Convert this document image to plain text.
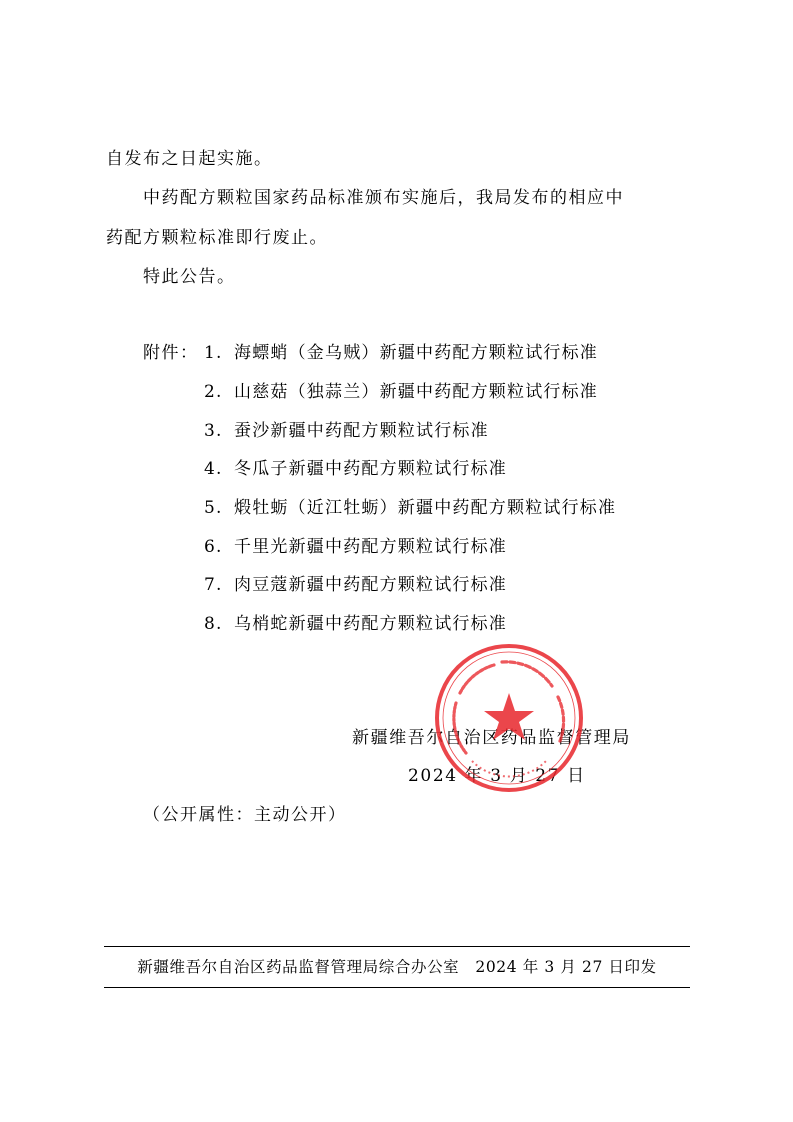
自发布之日起实施。
中药配方颗粒国家药品标准颁布实施后，我局发布的相应中
药配方颗粒标准即行废止。
特此公告。
附件： 1. 海螵蛸（金乌贼）新疆中药配方颗粒试行标准
2. 山慈菇（独蒜兰）新疆中药配方颗粒试行标准
3. 蚕沙新疆中药配方颗粒试行标准
4. 冬瓜子新疆中药配方颗粒试行标准
5. 煅牡蛎（近江牡蛎）新疆中药配方颗粒试行标准
6. 千里光新疆中药配方颗粒试行标准
7. 肉豆蔻新疆中药配方颗粒试行标准
8. 乌梢蛇新疆中药配方颗粒试行标准
新疆维吾尔自治区药品监督管理局
2024 年 3 月 27 日
（公开属性：主动公开）
新疆维吾尔自治区药品监督管理局综合办公室　2024 年 3 月 27 日印发
